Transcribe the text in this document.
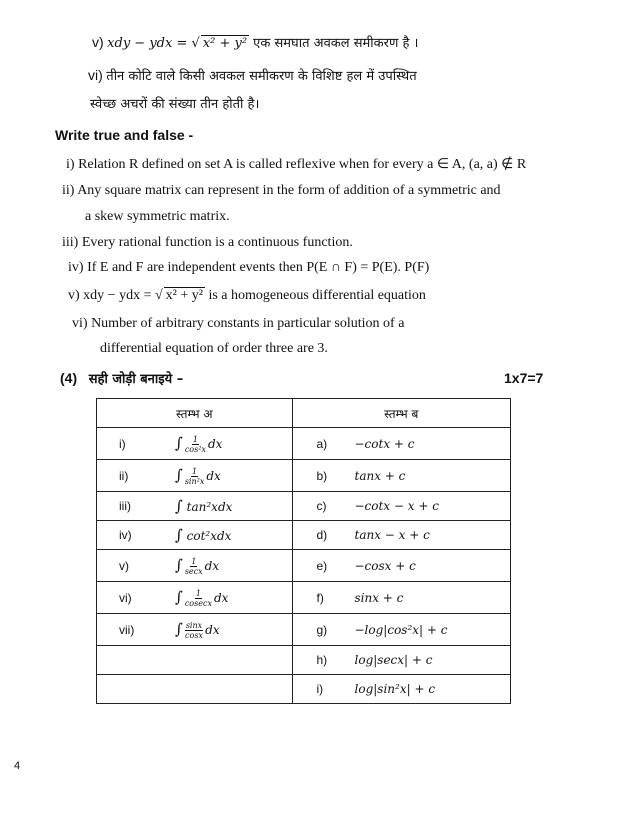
v) xdy − ydx = √ x² + y² एक समघात अवकल समीकरण है ।
vi) तीन कोटि वाले किसी अवकल समीकरण के विशिष्ट हल में उपस्थित
स्वेच्छ अचरों की संख्या तीन होती है।
Write true and false -
i) Relation R defined on set A is called reflexive when for every a ∈ A, (a, a) ∉ R
ii) Any square matrix can represent in the form of addition of a symmetric and
a skew symmetric matrix.
iii) Every rational function is a continuous function.
iv) If E and F are independent events then P(E ∩ F) = P(E). P(F)
v) xdy − ydx = √ x² + y² is a homogeneous differential equation
vi) Number of arbitrary constants in particular solution of a
differential equation of order three are 3.
(4) सही जोड़ी बनाइये –	1x7=7
स्तम्भ अ	स्तम्भ ब

i) ∫ $\frac{1}{\text{cos²x}}$ dx	a) −cotx + c

ii) ∫ $\frac{1}{\text{sin²x}}$ dx	b) tanx + c

iii) ∫ tan²xdx	c) −cotx − x + c

iv) ∫ cot²xdx	d) tanx − x + c

v) ∫ $\frac{1}{\sec x}$ dx	e) −cosx + c

vi) ∫ $\frac{1}{cosecx}$ dx	f) sinx + c

vii) ∫ $\frac{\sin x}{\cos x}$ dx	g) −log|cos²x| + c

	h) log|secx| + c

	i) log|sin²x| + c
4
